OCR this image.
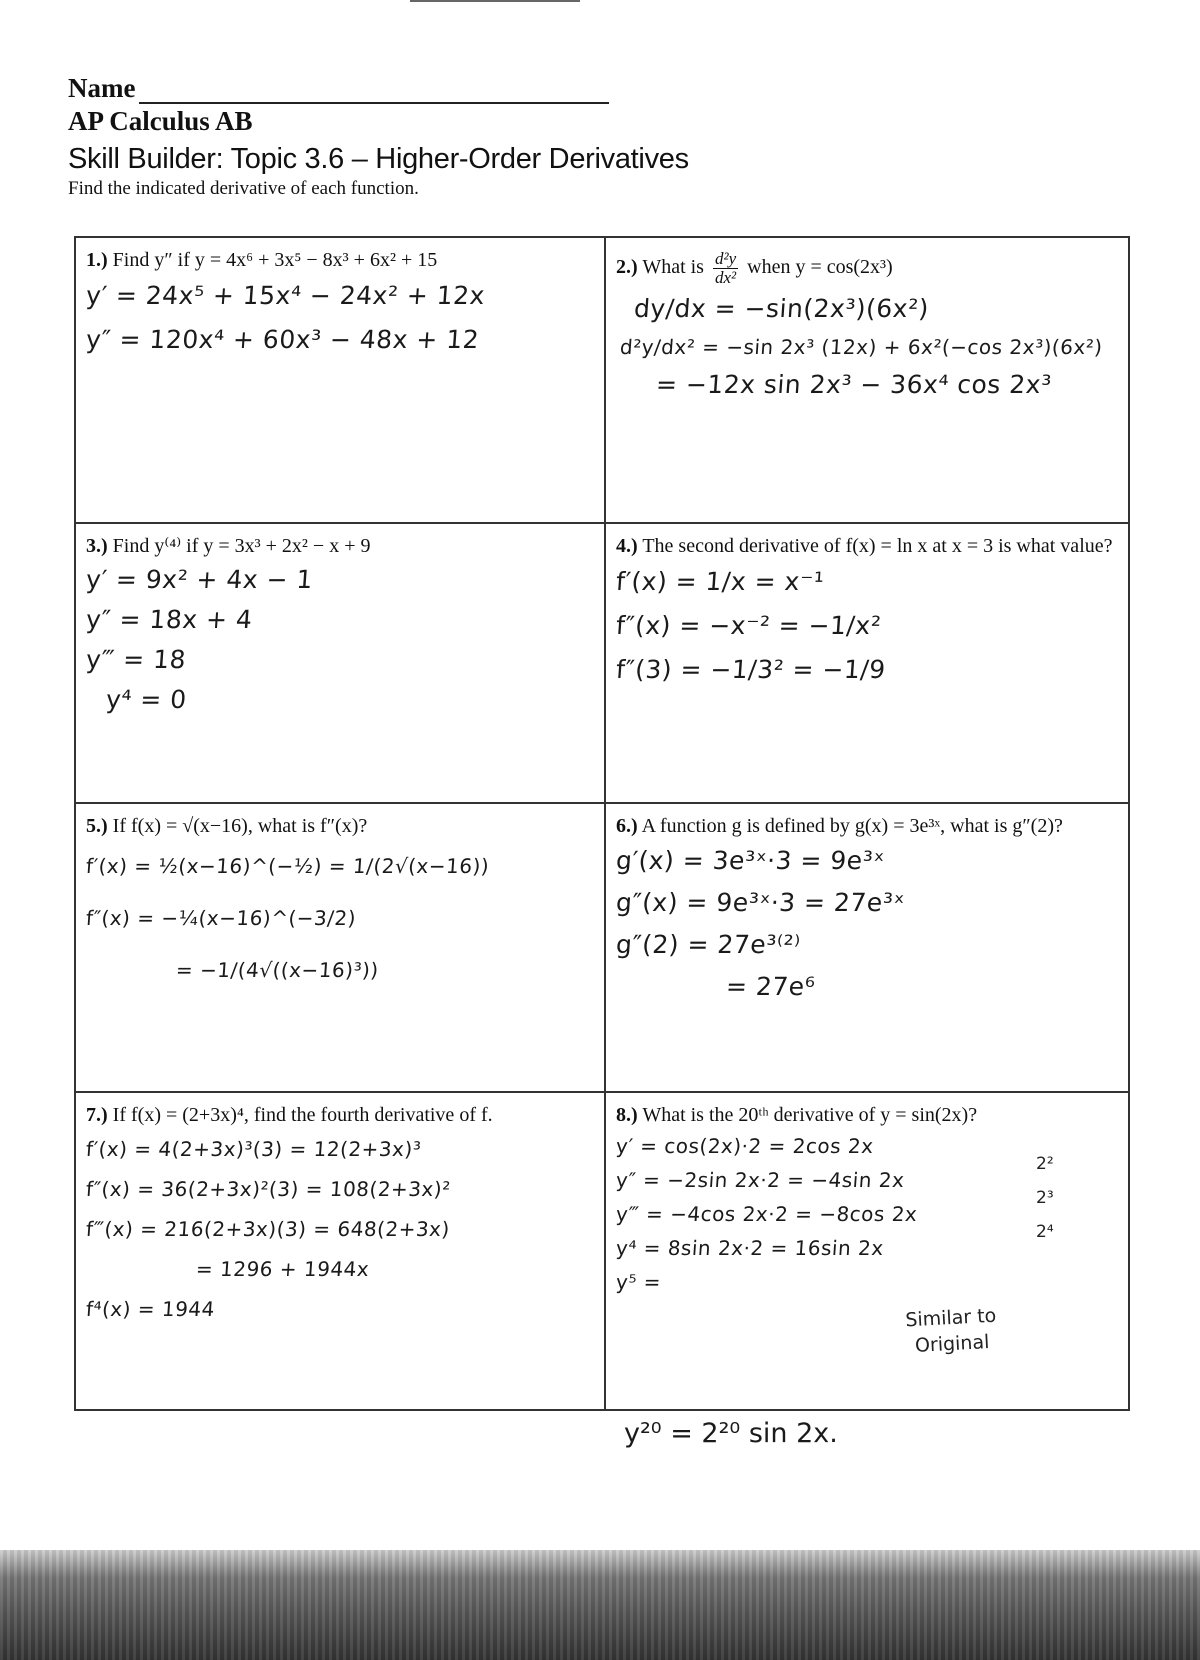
Name
AP Calculus AB
Skill Builder: Topic 3.6 – Higher-Order Derivatives
Find the indicated derivative of each function.
1.) Find y″ if y = 4x⁶ + 3x⁵ − 8x³ + 6x² + 15
y′ = 24x⁵ + 15x⁴ − 24x² + 12x
y″ = 120x⁴ + 60x³ − 48x + 12
2.) What is $\frac{\text{d²y}}{\text{dx²}}$ when y = cos(2x³)
dy/dx = −sin(2x³)(6x²)
d²y/dx² = −sin 2x³ (12x) + 6x²(−cos 2x³)(6x²)
= −12x sin 2x³ − 36x⁴ cos 2x³
3.) Find y⁽⁴⁾ if y = 3x³ + 2x² − x + 9
y′ = 9x² + 4x − 1
y″ = 18x + 4
y‴ = 18
y⁴ = 0
4.) The second derivative of f(x) = ln x at x = 3 is what value?
f′(x) = 1/x = x⁻¹
f″(x) = −x⁻² = −1/x²
f″(3) = −1/3² = −1/9
5.) If f(x) = √(x−16), what is f″(x)?
f′(x) = ½(x−16)^(−½) = 1/(2√(x−16))
f″(x) = −¼(x−16)^(−3/2)
= −1/(4√((x−16)³))
6.) A function g is defined by g(x) = 3e³ˣ, what is g″(2)?
g′(x) = 3e³ˣ·3 = 9e³ˣ
g″(x) = 9e³ˣ·3 = 27e³ˣ
g″(2) = 27e³⁽²⁾
= 27e⁶
7.) If f(x) = (2+3x)⁴, find the fourth derivative of f.
f′(x) = 4(2+3x)³(3) = 12(2+3x)³
f″(x) = 36(2+3x)²(3) = 108(2+3x)²
f‴(x) = 216(2+3x)(3) = 648(2+3x)
= 1296 + 1944x
f⁴(x) = 1944
8.) What is the 20ᵗʰ derivative of y = sin(2x)?
y′ = cos(2x)·2 = 2cos 2x
y″ = −2sin 2x·2 = −4sin 2x
y‴ = −4cos 2x·2 = −8cos 2x
y⁴ = 8sin 2x·2 = 16sin 2x
y⁵ =
2²
2³
2⁴
Similar to
Original
y²⁰ = 2²⁰ sin 2x.
